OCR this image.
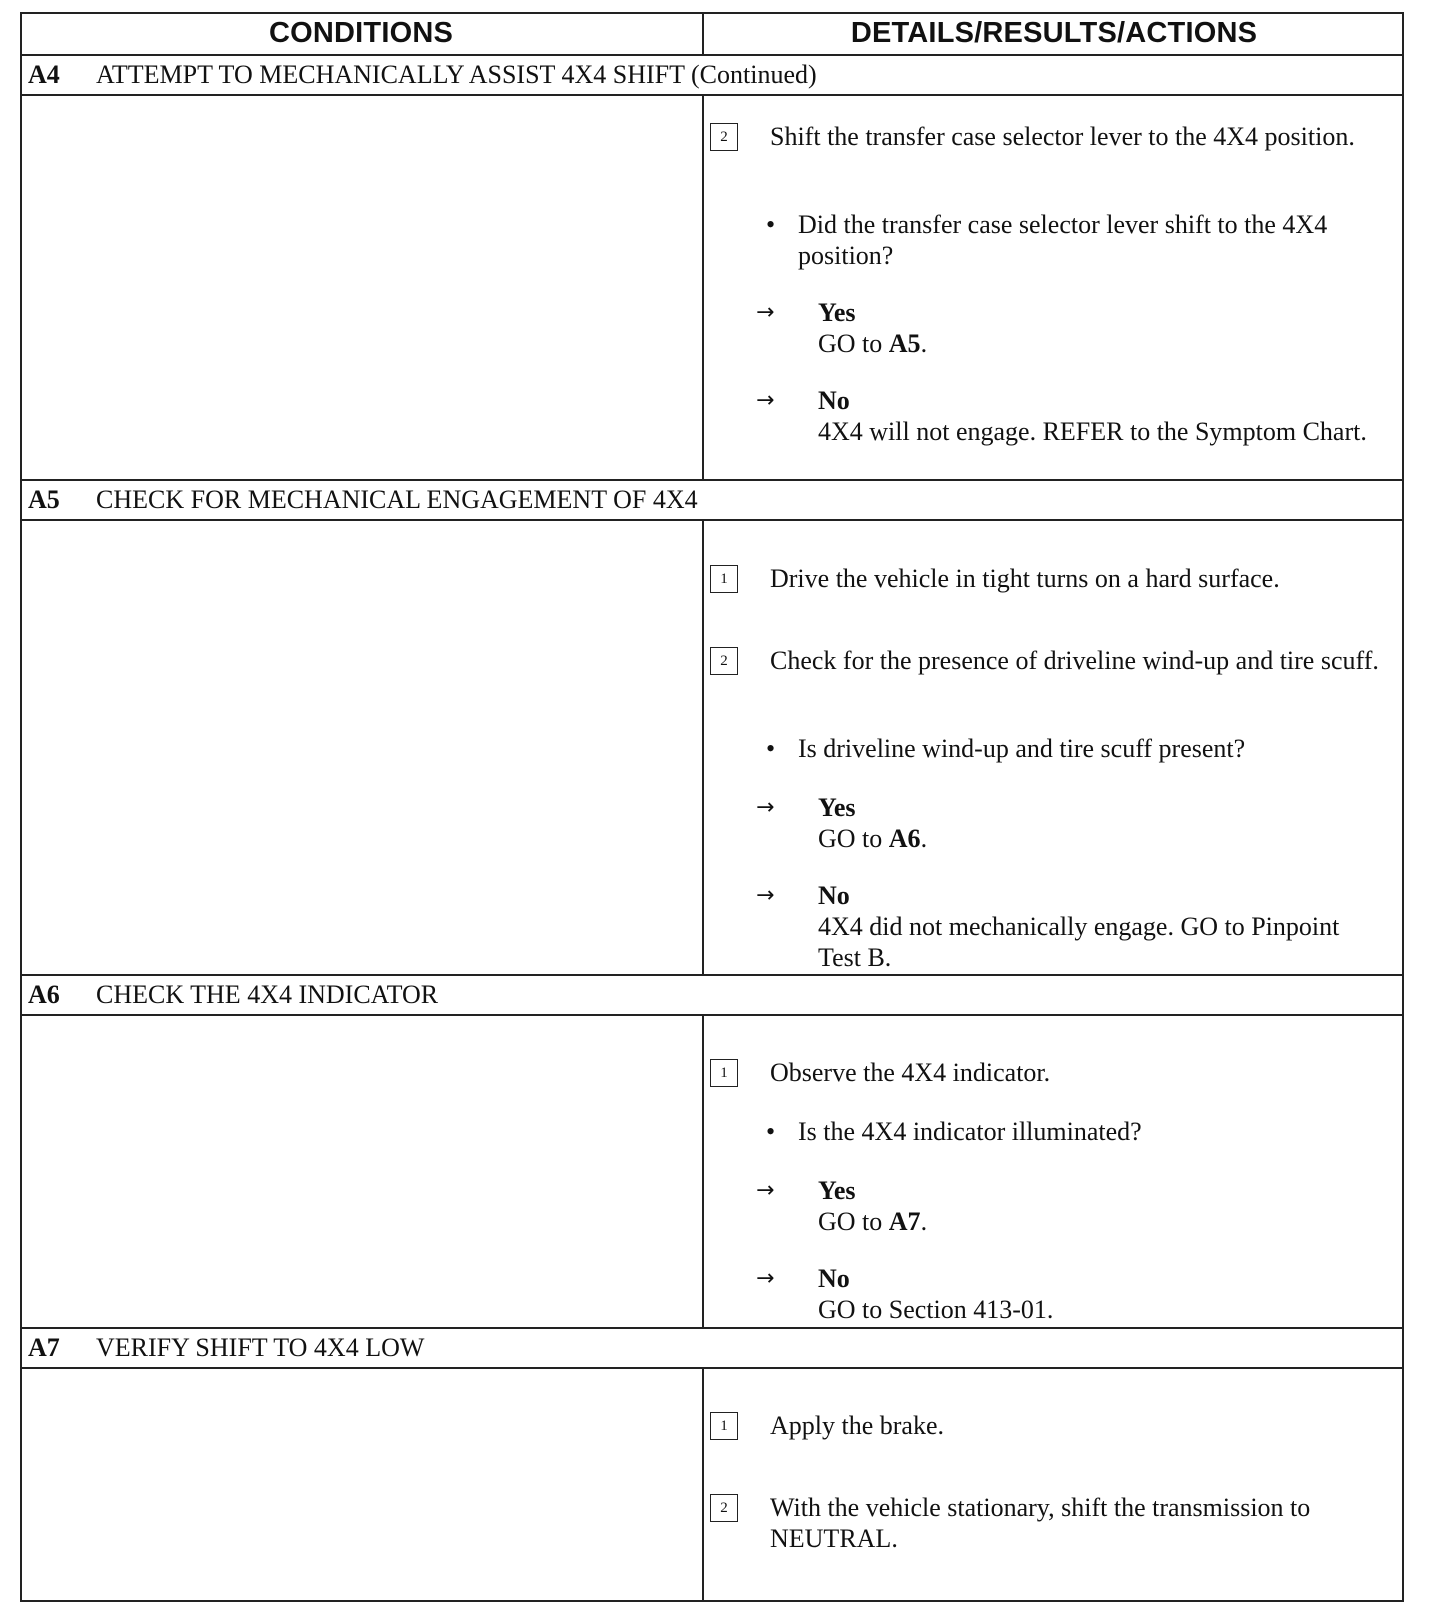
CONDITIONS	DETAILS/RESULTS/ACTIONS
A4	ATTEMPT TO MECHANICALLY ASSIST 4X4 SHIFT (Continued)
2	Shift the transfer case selector lever to the 4X4 position.
• Did the transfer case selector lever shift to the 4X4 position?
→ Yes
GO to A5.
→ No
4X4 will not engage. REFER to the Symptom Chart.
A5	CHECK FOR MECHANICAL ENGAGEMENT OF 4X4
1	Drive the vehicle in tight turns on a hard surface.
2	Check for the presence of driveline wind-up and tire scuff.
• Is driveline wind-up and tire scuff present?
→ Yes
GO to A6.
→ No
4X4 did not mechanically engage. GO to Pinpoint Test B.
A6	CHECK THE 4X4 INDICATOR
1	Observe the 4X4 indicator.
• Is the 4X4 indicator illuminated?
→ Yes
GO to A7.
→ No
GO to Section 413-01.
A7	VERIFY SHIFT TO 4X4 LOW
1	Apply the brake.
2	With the vehicle stationary, shift the transmission to NEUTRAL.
